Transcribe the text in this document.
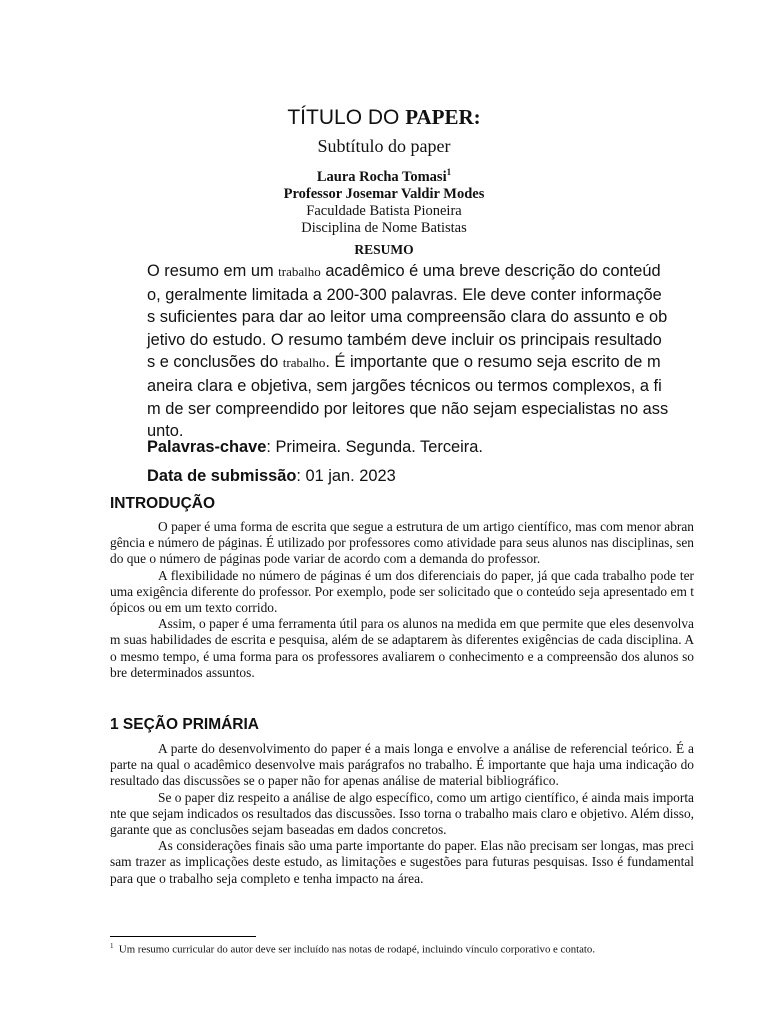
TÍTULO DO PAPER:
Subtítulo do paper
Laura Rocha Tomasi$^1$
Professor Josemar Valdir Modes
Faculdade Batista Pioneira
Disciplina de Nome Batistas
RESUMO
O resumo em um trabalho acadêmico é uma breve descrição do conteúdo, geralmente limitada a 200-300 palavras. Ele deve conter informações suficientes para dar ao leitor uma compreensão clara do assunto e objetivo do estudo. O resumo também deve incluir os principais resultados e conclusões do trabalho. É importante que o resumo seja escrito de maneira clara e objetiva, sem jargões técnicos ou termos complexos, a fim de ser compreendido por leitores que não sejam especialistas no assunto.
Palavras-chave: Primeira. Segunda. Terceira.
Data de submissão: 01 jan. 2023
INTRODUÇÃO

O paper é uma forma de escrita que segue a estrutura de um artigo científico, mas com menor abrangência e número de páginas. É utilizado por professores como atividade para seus alunos nas disciplinas, sendo que o número de páginas pode variar de acordo com a demanda do professor.

A flexibilidade no número de páginas é um dos diferenciais do paper, já que cada trabalho pode ter uma exigência diferente do professor. Por exemplo, pode ser solicitado que o conteúdo seja apresentado em tópicos ou em um texto corrido.

Assim, o paper é uma ferramenta útil para os alunos na medida em que permite que eles desenvolvam suas habilidades de escrita e pesquisa, além de se adaptarem às diferentes exigências de cada disciplina. Ao mesmo tempo, é uma forma para os professores avaliarem o conhecimento e a compreensão dos alunos sobre determinados assuntos.

1 SEÇÃO PRIMÁRIA

A parte do desenvolvimento do paper é a mais longa e envolve a análise de referencial teórico. É a parte na qual o acadêmico desenvolve mais parágrafos no trabalho. É importante que haja uma indicação do resultado das discussões se o paper não for apenas análise de material bibliográfico.

Se o paper diz respeito a análise de algo específico, como um artigo científico, é ainda mais importante que sejam indicados os resultados das discussões. Isso torna o trabalho mais claro e objetivo. Além disso, garante que as conclusões sejam baseadas em dados concretos.

As considerações finais são uma parte importante do paper. Elas não precisam ser longas, mas precisam trazer as implicações deste estudo, as limitações e sugestões para futuras pesquisas. Isso é fundamental para que o trabalho seja completo e tenha impacto na área.

$^1$ Um resumo curricular do autor deve ser incluído nas notas de rodapé, incluindo vínculo corporativo e contato.
